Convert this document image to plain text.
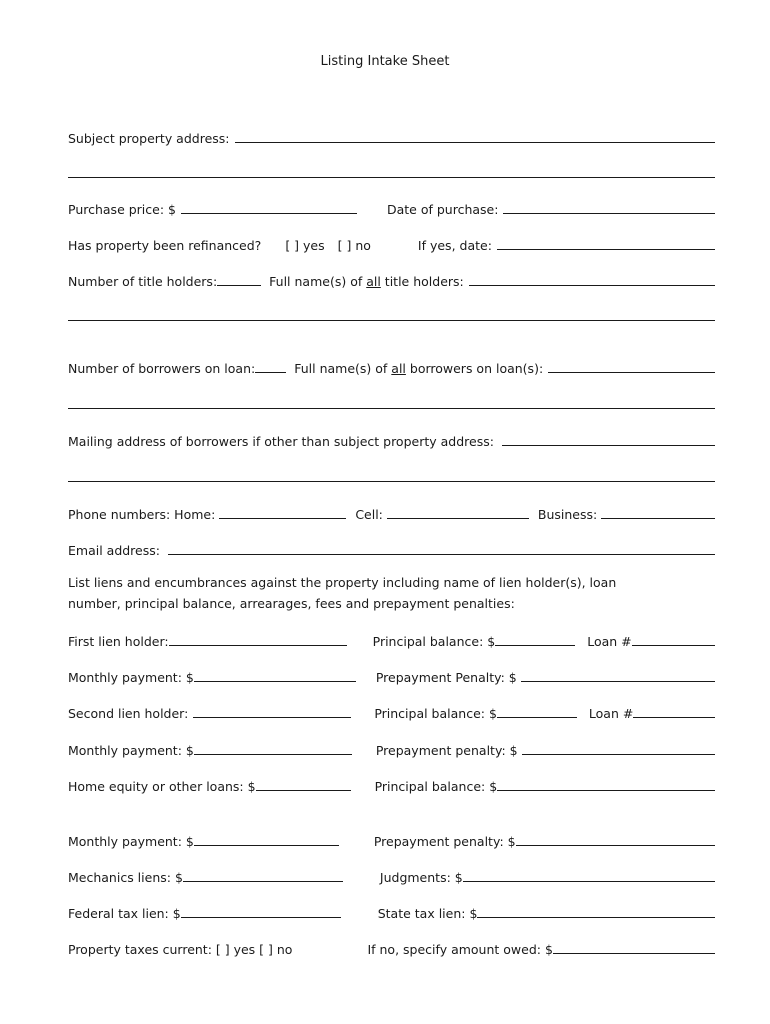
Listing Intake Sheet
Subject property address:
Purchase price: $	Date of purchase:
Has property been refinanced? [ ] yes [ ] no	If yes, date:
Number of title holders:	Full name(s) of all title holders:
Number of borrowers on loan:	Full name(s) of all borrowers on loan(s):
Mailing address of borrowers if other than subject property address:
Phone numbers: Home:	Cell:	Business:
Email address:
List liens and encumbrances against the property including name of lien holder(s), loan
number, principal balance, arrearages, fees and prepayment penalties:
First lien holder:	Principal balance: $	Loan #
Monthly payment: $	Prepayment Penalty: $
Second lien holder:	Principal balance: $	Loan #
Monthly payment: $	Prepayment penalty: $
Home equity or other loans: $	Principal balance: $
Monthly payment: $	Prepayment penalty: $
Mechanics liens: $	Judgments: $
Federal tax lien: $	State tax lien: $
Property taxes current: [ ] yes [ ] no	If no, specify amount owed: $
